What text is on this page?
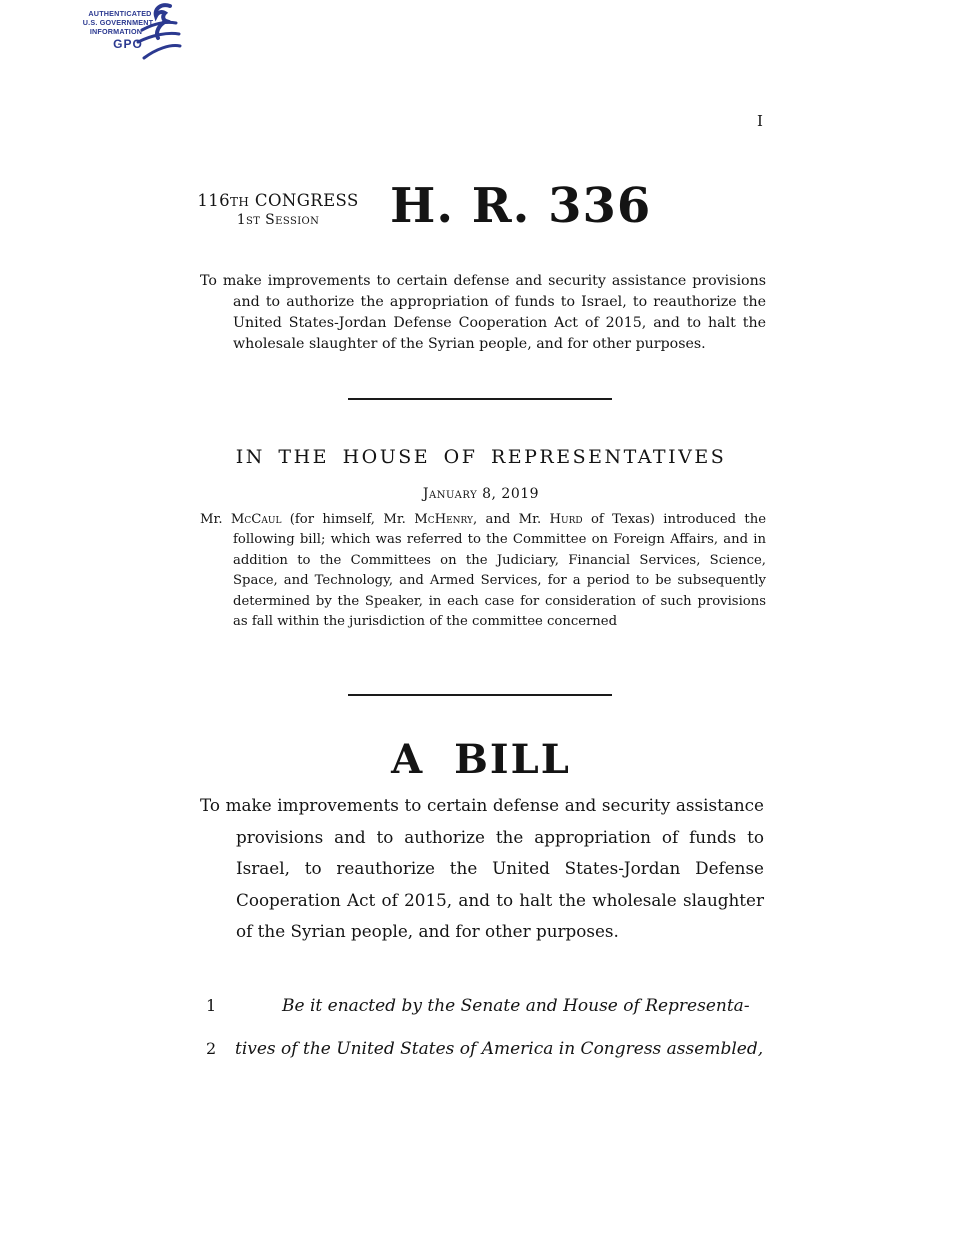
AUTHENTICATED
U.S. GOVERNMENT
INFORMATION
GPO
I
116th CONGRESS
1st Session	H. R. 336

To make improvements to certain defense and security assistance provisions and to authorize the appropriation of funds to Israel, to reauthorize the United States-Jordan Defense Cooperation Act of 2015, and to halt the wholesale slaughter of the Syrian people, and for other purposes.

IN THE HOUSE OF REPRESENTATIVES
January 8, 2019

Mr. McCaul (for himself, Mr. McHenry, and Mr. Hurd of Texas) introduced the following bill; which was referred to the Committee on Foreign Affairs, and in addition to the Committees on the Judiciary, Financial Services, Science, Space, and Technology, and Armed Services, for a period to be subsequently determined by the Speaker, in each case for consideration of such provisions as fall within the jurisdiction of the committee concerned

A BILL

To make improvements to certain defense and security assistance provisions and to authorize the appropriation of funds to Israel, to reauthorize the United States-Jordan Defense Cooperation Act of 2015, and to halt the wholesale slaughter of the Syrian people, and for other purposes.

1	Be it enacted by the Senate and House of Representa-
2	tives of the United States of America in Congress assembled,
